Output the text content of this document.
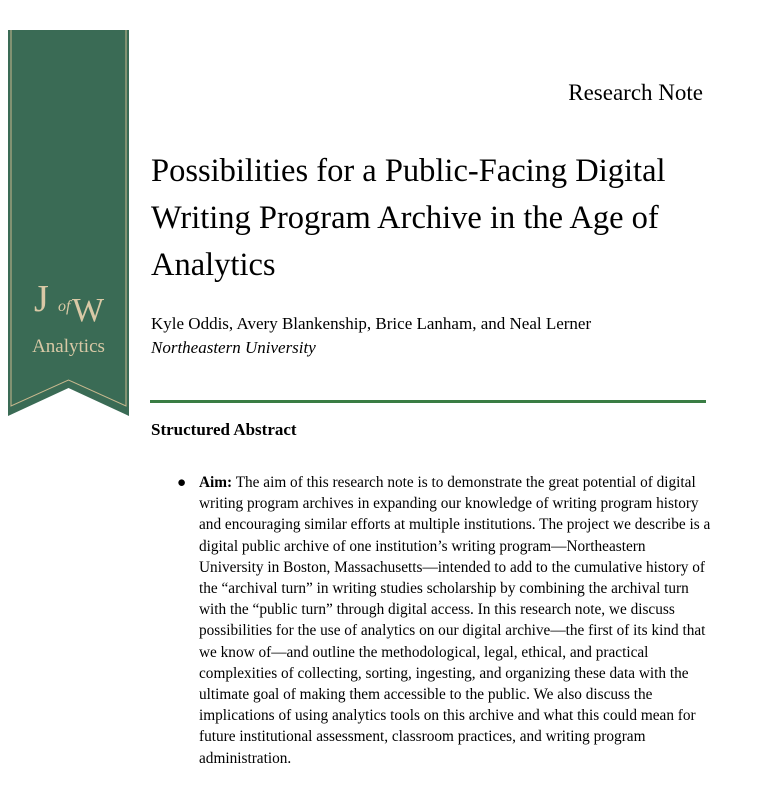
J of W
Analytics
Research Note
Possibilities for a Public-Facing Digital Writing Program Archive in the Age of Analytics
Kyle Oddis, Avery Blankenship, Brice Lanham, and Neal Lerner
Northeastern University
Structured Abstract
● Aim: The aim of this research note is to demonstrate the great potential of digital writing program archives in expanding our knowledge of writing program history and encouraging similar efforts at multiple institutions. The project we describe is a digital public archive of one institution’s writing program—Northeastern University in Boston, Massachusetts—intended to add to the cumulative history of the “archival turn” in writing studies scholarship by combining the archival turn with the “public turn” through digital access. In this research note, we discuss possibilities for the use of analytics on our digital archive—the first of its kind that we know of—and outline the methodological, legal, ethical, and practical complexities of collecting, sorting, ingesting, and organizing these data with the ultimate goal of making them accessible to the public. We also discuss the implications of using analytics tools on this archive and what this could mean for future institutional assessment, classroom practices, and writing program administration.
